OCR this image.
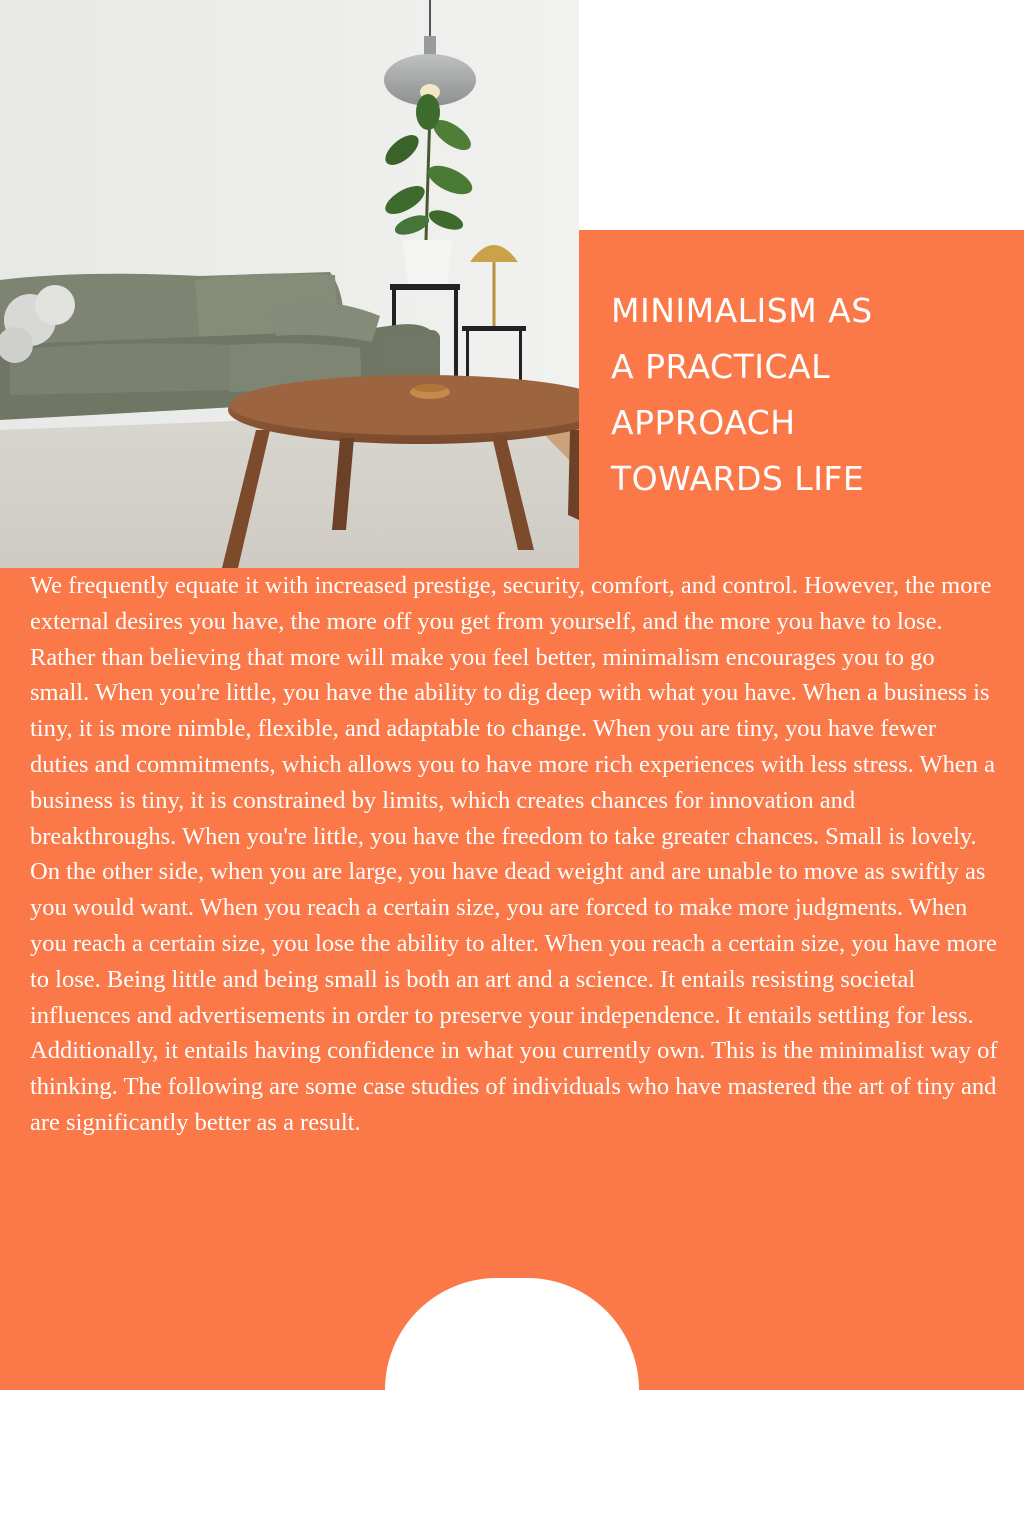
MINIMALISM AS
A PRACTICAL
APPROACH
TOWARDS LIFE

We frequently equate it with increased prestige, security, comfort, and control. However, the more external desires you have, the more off you get from yourself, and the more you have to lose. Rather than believing that more will make you feel better, minimalism encourages you to go small. When you're little, you have the ability to dig deep with what you have. When a business is tiny, it is more nimble, flexible, and adaptable to change. When you are tiny, you have fewer duties and commitments, which allows you to have more rich experiences with less stress. When a business is tiny, it is constrained by limits, which creates chances for innovation and breakthroughs. When you're little, you have the freedom to take greater chances. Small is lovely. On the other side, when you are large, you have dead weight and are unable to move as swiftly as you would want. When you reach a certain size, you are forced to make more judgments. When you reach a certain size, you lose the ability to alter. When you reach a certain size, you have more to lose. Being little and being small is both an art and a science. It entails resisting societal influences and advertisements in order to preserve your independence. It entails settling for less. Additionally, it entails having confidence in what you currently own. This is the minimalist way of thinking. The following are some case studies of individuals who have mastered the art of tiny and are significantly better as a result.
